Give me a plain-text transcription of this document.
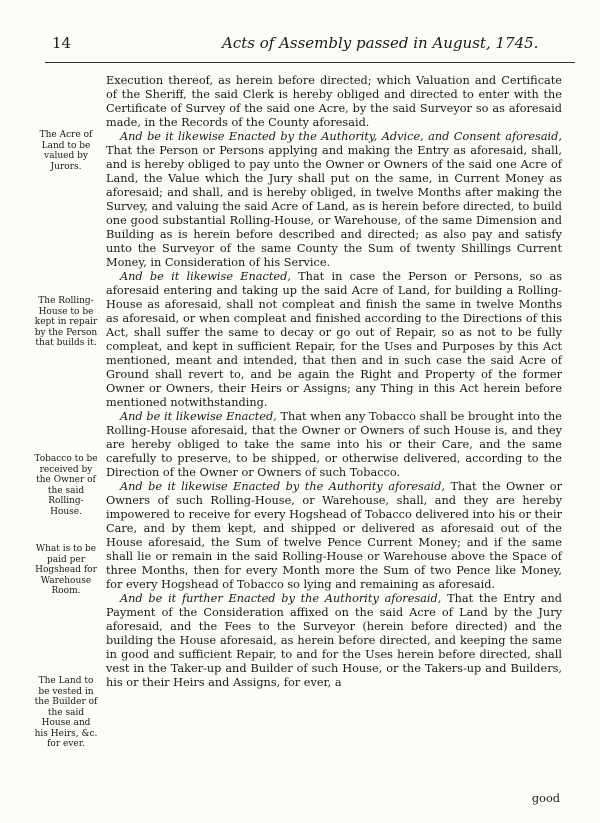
14	Acts of Assembly passed in August, 1745.
The Acre of Land to be valued by Jurors.
The Rolling-House to be kept in repair by the Person that builds it.
Tobacco to be received by the Owner of the said Rolling-House.
What is to be paid per Hogshead for Warehouse Room.
The Land to be vested in the Builder of the said House and his Heirs, &c. for ever.

Execution thereof, as herein before directed; which Valuation and Certificate of the Sheriff, the said Clerk is hereby obliged and directed to enter with the Certificate of Survey of the said one Acre, by the said Surveyor so as aforesaid made, in the Records of the County aforesaid.

And be it likewise Enacted by the Authority, Advice, and Consent aforesaid, That the Person or Persons applying and making the Entry as aforesaid, shall, and is hereby obliged to pay unto the Owner or Owners of the said one Acre of Land, the Value which the Jury shall put on the same, in Current Money as aforesaid; and shall, and is hereby obliged, in twelve Months after making the Survey, and valuing the said Acre of Land, as is herein before directed, to build one good substantial Rolling-House, or Warehouse, of the same Dimension and Building as is herein before described and directed; as also pay and satisfy unto the Surveyor of the same County the Sum of twenty Shillings Current Money, in Consideration of his Service.

And be it likewise Enacted, That in case the Person or Persons, so as aforesaid entering and taking up the said Acre of Land, for building a Rolling-House as aforesaid, shall not compleat and finish the same in twelve Months as aforesaid, or when compleat and finished according to the Directions of this Act, shall suffer the same to decay or go out of Repair, so as not to be fully compleat, and kept in sufficient Repair, for the Uses and Purposes by this Act mentioned, meant and intended, that then and in such case the said Acre of Ground shall revert to, and be again the Right and Property of the former Owner or Owners, their Heirs or Assigns; any Thing in this Act herein before mentioned notwithstanding.

And be it likewise Enacted, That when any Tobacco shall be brought into the Rolling-House aforesaid, that the Owner or Owners of such House is, and they are hereby obliged to take the same into his or their Care, and the same carefully to preserve, to be shipped, or otherwise delivered, according to the Direction of the Owner or Owners of such Tobacco.

And be it likewise Enacted by the Authority aforesaid, That the Owner or Owners of such Rolling-House, or Warehouse, shall, and they are hereby impowered to receive for every Hogshead of Tobacco delivered into his or their Care, and by them kept, and shipped or delivered as aforesaid out of the House aforesaid, the Sum of twelve Pence Current Money; and if the same shall lie or remain in the said Rolling-House or Warehouse above the Space of three Months, then for every Month more the Sum of two Pence like Money, for every Hogshead of Tobacco so lying and remaining as aforesaid.

And be it further Enacted by the Authority aforesaid, That the Entry and Payment of the Consideration affixed on the said Acre of Land by the Jury aforesaid, and the Fees to the Surveyor (herein before directed) and the building the House aforesaid, as herein before directed, and keeping the same in good and sufficient Repair, to and for the Uses herein before directed, shall vest in the Taker-up and Builder of such House, or the Takers-up and Builders, his or their Heirs and Assigns, for ever, a

good
